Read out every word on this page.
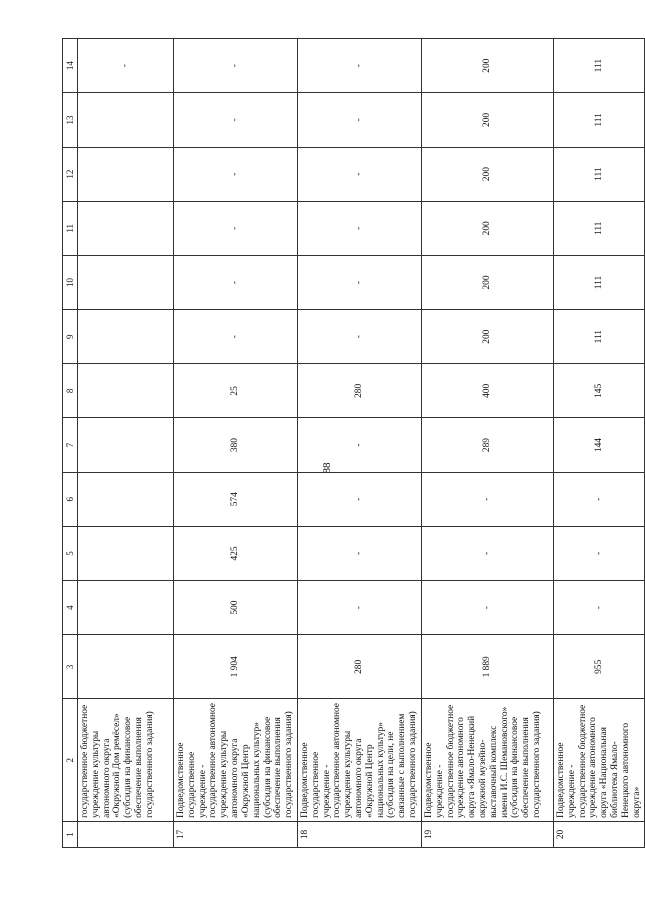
88
1	2	3	4	5	6	7	8	9	10	11	12	13	14
	государственное бюджетное учреждение культуры автономного округа «Окружной Дом ремёсел» (субсидия на финансовое обеспечение выполнения государственного задания)												-
17	Подведомственное государственное учреждение - государственное автономное учреждение культуры автономного округа «Окружной Центр национальных культур» (субсидия на финансовое обеспечение выполнения государственного задания)	1 904	500	425	574	380	25	-	-	-	-	-	-
18	Подведомственное государственное учреждение - государственное автономное учреждение культуры автономного округа «Окружной Центр национальных культур» (субсидия на цели, не связанные с выполнением государственного задания)	280	-	-	-	-	280	-	-	-	-	-	-
19	Подведомственное учреждение - государственное бюджетное учреждение автономного округа «Ямало-Ненецкий окружной музейно-выставочный комплекс имени И.С. Шемановского» (субсидия на финансовое обеспечение выполнения государственного задания)	1 889	-	-	-	289	400	200	200	200	200	200	200
20	Подведомственное учреждение - государственное бюджетное учреждение автономного округа «Национальная библиотека Ямало-Ненецкого автономного округа»	955	-	-	-	144	145	111	111	111	111	111	111
